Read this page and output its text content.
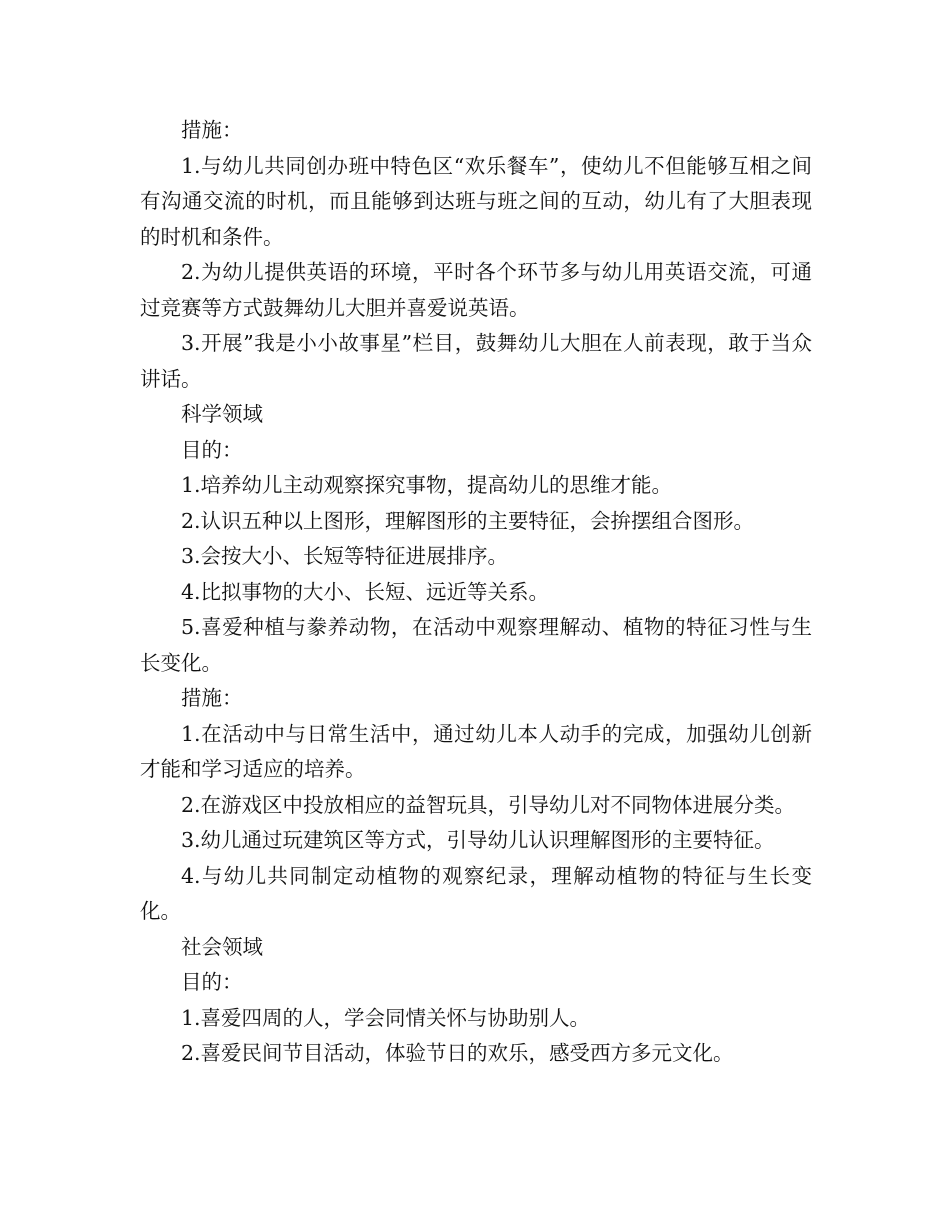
措施：

1.与幼儿共同创办班中特色区“欢乐餐车”，使幼儿不但能够互相之间有沟通交流的时机，而且能够到达班与班之间的互动，幼儿有了大胆表现的时机和条件。

2.为幼儿提供英语的环境，平时各个环节多与幼儿用英语交流，可通过竞赛等方式鼓舞幼儿大胆并喜爱说英语。

3.开展”我是小小故事星”栏目，鼓舞幼儿大胆在人前表现，敢于当众讲话。

科学领域

目的：

1.培养幼儿主动观察探究事物，提高幼儿的思维才能。

2.认识五种以上图形，理解图形的主要特征，会拚摆组合图形。

3.会按大小、长短等特征进展排序。

4.比拟事物的大小、长短、远近等关系。

5.喜爱种植与豢养动物，在活动中观察理解动、植物的特征习性与生长变化。

措施：

1.在活动中与日常生活中，通过幼儿本人动手的完成，加强幼儿创新才能和学习适应的培养。

2.在游戏区中投放相应的益智玩具，引导幼儿对不同物体进展分类。

3.幼儿通过玩建筑区等方式，引导幼儿认识理解图形的主要特征。

4.与幼儿共同制定动植物的观察纪录，理解动植物的特征与生长变化。

社会领域

目的：

1.喜爱四周的人，学会同情关怀与协助别人。

2.喜爱民间节目活动，体验节日的欢乐，感受西方多元文化。
